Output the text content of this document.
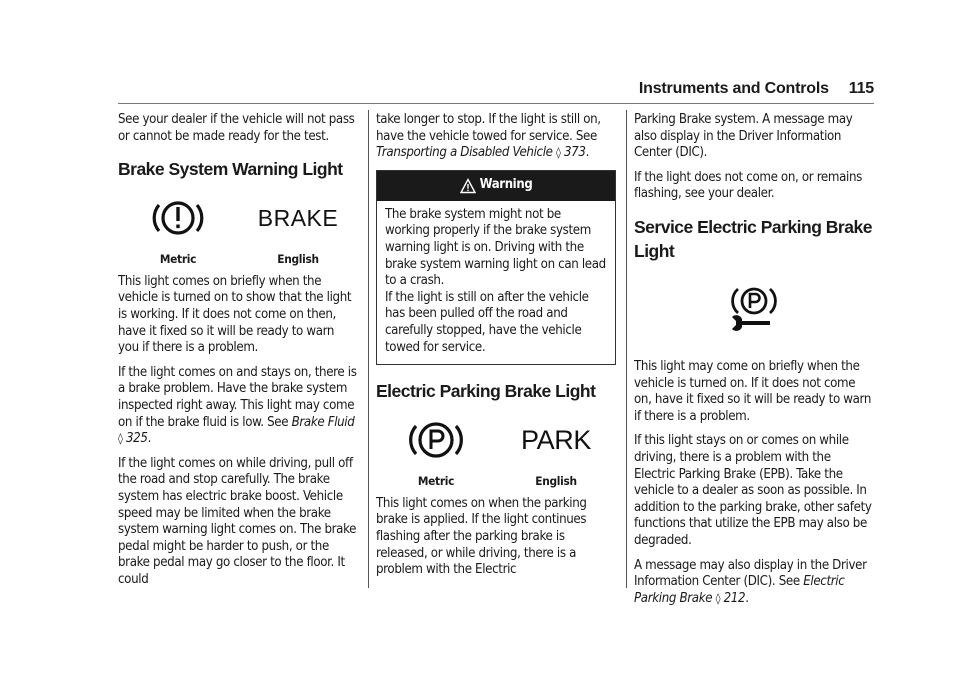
Instruments and Controls 115

See your dealer if the vehicle will not pass or cannot be made ready for the test.

Brake System Warning Light
Metric
BRAKE
English

This light comes on briefly when the vehicle is turned on to show that the light is working. If it does not come on then, have it fixed so it will be ready to warn you if there is a problem.

If the light comes on and stays on, there is a brake problem. Have the brake system inspected right away. This light may come on if the brake fluid is low. See Brake Fluid
◊ 325.

If the light comes on while driving, pull off the road and stop carefully. The brake system has electric brake boost. Vehicle speed may be limited when the brake system warning light comes on. The brake pedal might be harder to push, or the brake pedal may go closer to the floor. It could

take longer to stop. If the light is still on, have the vehicle towed for service. See Transporting a Disabled Vehicle ◊ 373.

Warning

The brake system might not be working properly if the brake system warning light is on. Driving with the brake system warning light on can lead to a crash.

If the light is still on after the vehicle has been pulled off the road and carefully stopped, have the vehicle towed for service.

Electric Parking Brake Light
Metric
PARK
English

This light comes on when the parking brake is applied. If the light continues flashing after the parking brake is released, or while driving, there is a problem with the Electric

Parking Brake system. A message may also display in the Driver Information Center (DIC).

If the light does not come on, or remains flashing, see your dealer.

Service Electric Parking Brake Light

This light may come on briefly when the vehicle is turned on. If it does not come on, have it fixed so it will be ready to warn if there is a problem.

If this light stays on or comes on while driving, there is a problem with the Electric Parking Brake (EPB). Take the vehicle to a dealer as soon as possible. In addition to the parking brake, other safety functions that utilize the EPB may also be degraded.

A message may also display in the Driver Information Center (DIC). See Electric Parking Brake ◊ 212.
